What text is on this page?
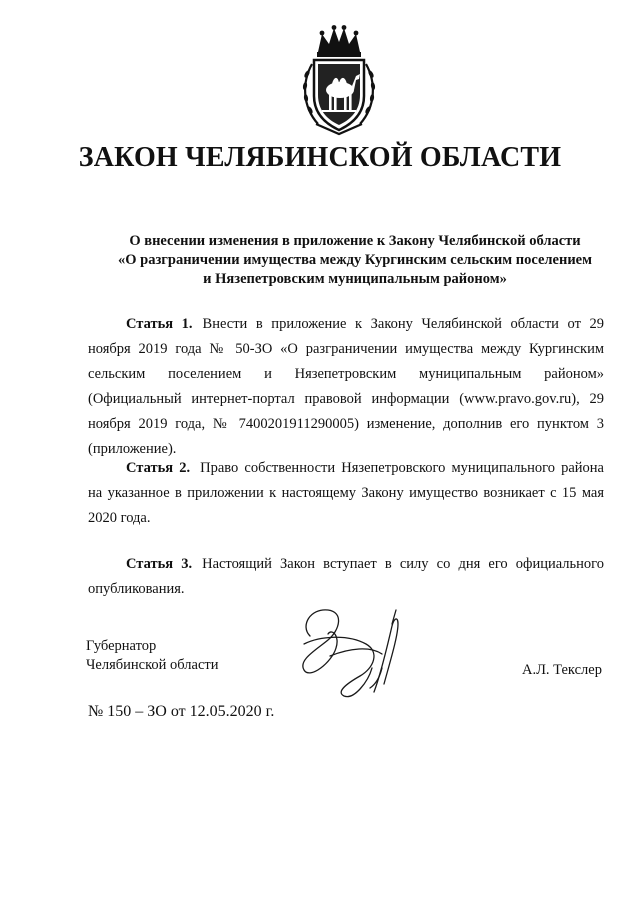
ЗАКОН ЧЕЛЯБИНСКОЙ ОБЛАСТИ
О внесении изменения в приложение к Закону Челябинской области
«О разграничении имущества между Кургинским сельским поселением
и Нязепетровским муниципальным районом»

Статья 1. Внести в приложение к Закону Челябинской области от 29 ноября 2019 года № 50-ЗО «О разграничении имущества между Кургинским сельским поселением и Нязепетровским муниципальным районом» (Официальный интернет-портал правовой информации (www.pravo.gov.ru), 29 ноября 2019 года, № 7400201911290005) изменение, дополнив его пунктом 3 (приложение).

Статья 2. Право собственности Нязепетровского муниципального района на указанное в приложении к настоящему Закону имущество возникает с 15 мая 2020 года.

Статья 3. Настоящий Закон вступает в силу со дня его официального опубликования.

Губернатор
Челябинской области	А.Л. Текслер
№ 150 – ЗО от 12.05.2020 г.
